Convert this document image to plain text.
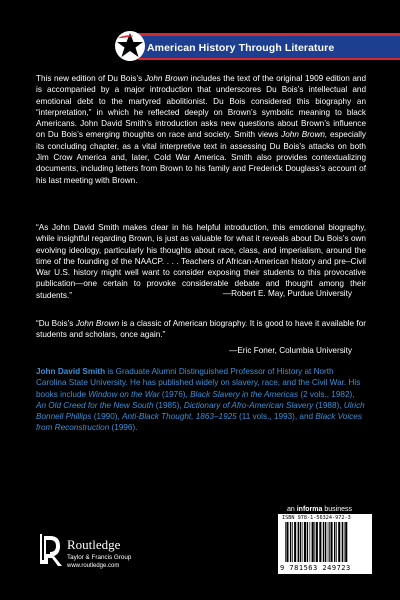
American History Through Literature

This new edition of Du Bois’s John Brown includes the text of the original 1909 edition and is accompanied by a major introduction that underscores Du Bois’s intellectual and emotional debt to the martyred abolitionist. Du Bois considered this biography an “interpretation,” in which he reflected deeply on Brown’s symbolic meaning to black Americans. John David Smith’s introduction asks new questions about Brown’s influence on Du Bois’s emerging thoughts on race and society. Smith views John Brown, especially its concluding chapter, as a vital interpretive text in assessing Du Bois’s attacks on both Jim Crow America and, later, Cold War America. Smith also provides contextualizing documents, including letters from Brown to his family and Frederick Douglass’s account of his last meeting with Brown.

“As John David Smith makes clear in his helpful introduction, this emotional biography, while insightful regarding Brown, is just as valuable for what it reveals about Du Bois’s own evolving ideology, particularly his thoughts about race, class, and imperialism, around the time of the founding of the NAACP. . . . Teachers of African-American history and pre–Civil War U.S. history might well want to consider exposing their students to this provocative publication—one certain to provoke considerable debate and thought among their students.”	—Robert E. May, Purdue University

“Du Bois’s John Brown is a classic of American biography. It is good to have it available for students and scholars, once again.”

—Eric Foner, Columbia University
John David Smith is Graduate Alumni Distinguished Professor of History at North Carolina State University. He has published widely on slavery, race, and the Civil War. His books include Window on the War (1976), Black Slavery in the Americas (2 vols., 1982), An Old Creed for the New South (1985), Dictionary of Afro-American Slavery (1988), Ulrich Bonnell Phillips (1990), Anti-Black Thought, 1863–1925 (11 vols., 1993), and Black Voices from Reconstruction (1996).
an informa business
ISBN 978-1-56324-972-3
9 781563 249723
Routledge
Taylor & Francis Group
www.routledge.com
